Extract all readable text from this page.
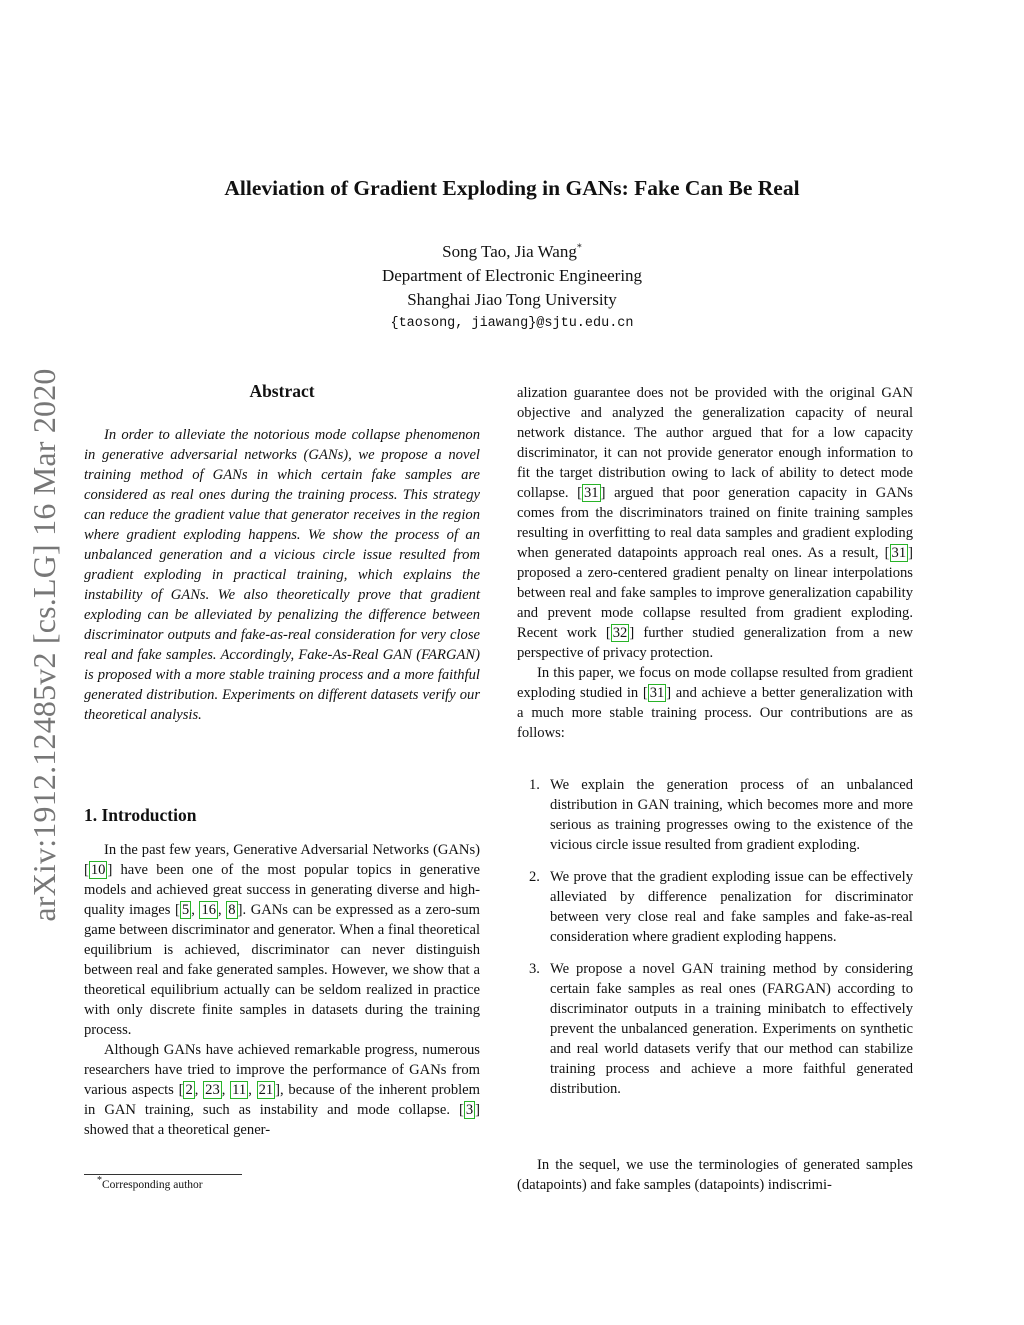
Alleviation of Gradient Exploding in GANs: Fake Can Be Real
Song Tao, Jia Wang*
Department of Electronic Engineering
Shanghai Jiao Tong University
{taosong, jiawang}@sjtu.edu.cn
arXiv:1912.12485v2 [cs.LG] 16 Mar 2020	Abstract

In order to alleviate the notorious mode collapse phenomenon in generative adversarial networks (GANs), we propose a novel training method of GANs in which certain fake samples are considered as real ones during the training process. This strategy can reduce the gradient value that generator receives in the region where gradient exploding happens. We show the process of an unbalanced generation and a vicious circle issue resulted from gradient exploding in practical training, which explains the instability of GANs. We also theoretically prove that gradient exploding can be alleviated by penalizing the difference between discriminator outputs and fake-as-real consideration for very close real and fake samples. Accordingly, Fake-As-Real GAN (FARGAN) is proposed with a more stable training process and a more faithful generated distribution. Experiments on different datasets verify our theoretical analysis.

1. Introduction

In the past few years, Generative Adversarial Networks (GANs) [ 10 ] have been one of the most popular topics in generative models and achieved great success in generating diverse and high-quality images [ 5 , 16 , 8 ]. GANs can be expressed as a zero-sum game between discriminator and generator. When a final theoretical equilibrium is achieved, discriminator can never distinguish between real and fake generated samples. However, we show that a theoretical equilibrium actually can be seldom realized in practice with only discrete finite samples in datasets during the training process.

Although GANs have achieved remarkable progress, numerous researchers have tried to improve the performance of GANs from various aspects [ 2 , 23 , 11 , 21 ], because of the inherent problem in GAN training, such as instability and mode collapse. [ 3 ] showed that a theoretical gener-

alization guarantee does not be provided with the original GAN objective and analyzed the generalization capacity of neural network distance. The author argued that for a low capacity discriminator, it can not provide generator enough information to fit the target distribution owing to lack of ability to detect mode collapse. [ 31 ] argued that poor generation capacity in GANs comes from the discriminators trained on finite training samples resulting in overfitting to real data samples and gradient exploding when generated datapoints approach real ones. As a result, [ 31 ] proposed a zero-centered gradient penalty on linear interpolations between real and fake samples to improve generalization capability and prevent mode collapse resulted from gradient exploding. Recent work [ 32 ] further studied generalization from a new perspective of privacy protection.

In this paper, we focus on mode collapse resulted from gradient exploding studied in [ 31 ] and achieve a better generalization with a much more stable training process. Our contributions are as follows:

1. We explain the generation process of an unbalanced distribution in GAN training, which becomes more and more serious as training progresses owing to the existence of the vicious circle issue resulted from gradient exploding.
2. We prove that the gradient exploding issue can be effectively alleviated by difference penalization for discriminator between very close real and fake samples and fake-as-real consideration where gradient exploding happens.
3. We propose a novel GAN training method by considering certain fake samples as real ones (FARGAN) according to discriminator outputs in a training minibatch to effectively prevent the unbalanced generation. Experiments on synthetic and real world datasets verify that our method can stabilize training process and achieve a more faithful generated distribution.

In the sequel, we use the terminologies of generated samples (datapoints) and fake samples (datapoints) indiscrimi-

*Corresponding author
